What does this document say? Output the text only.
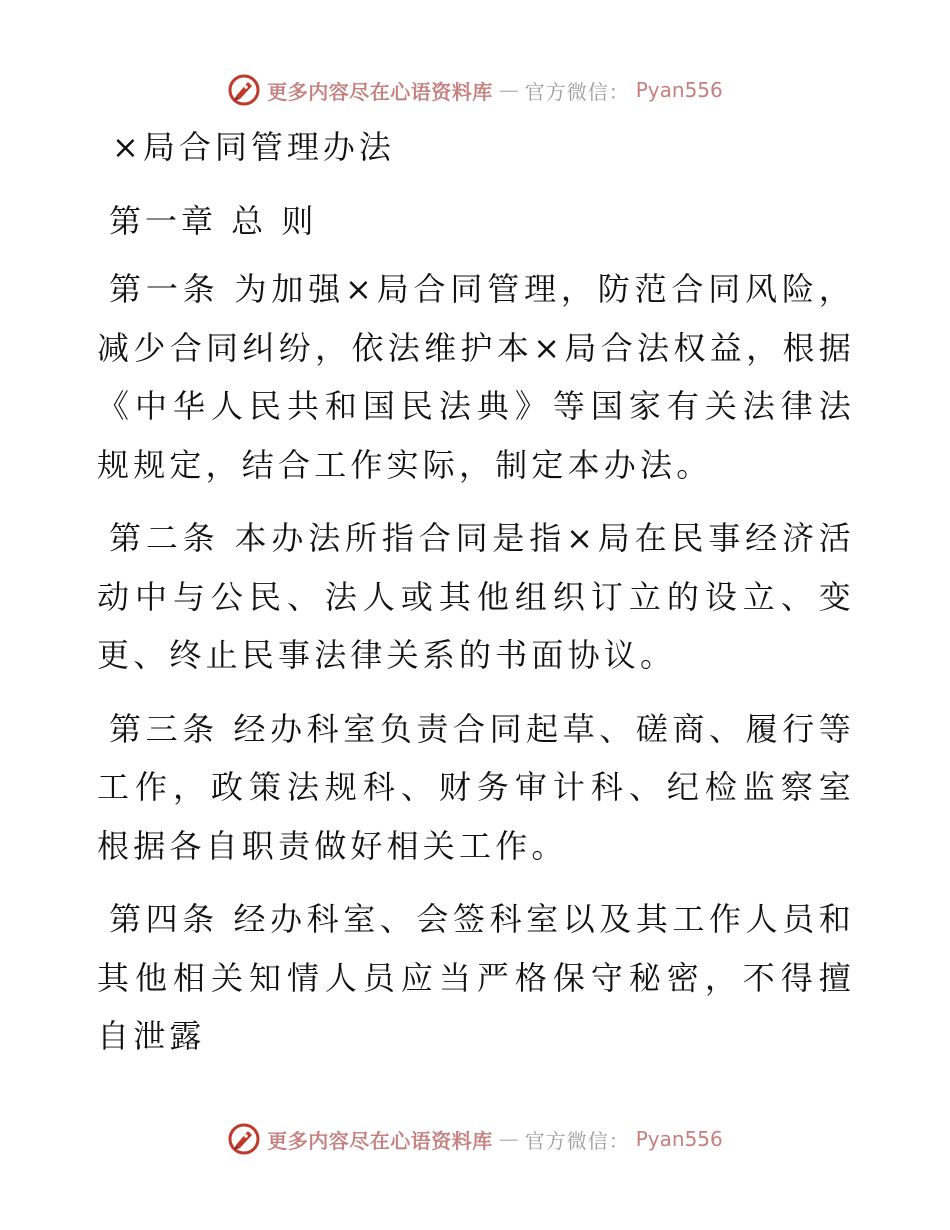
更多内容尽在心语资料库 — 官方微信： Pyan556
×局合同管理办法
第一章 总 则

第一条 为加强×局合同管理，防范合同风险，减少合同纠纷，依法维护本×局合法权益，根据《中华人民共和国民法典》等国家有关法律法规规定，结合工作实际，制定本办法。

第二条 本办法所指合同是指×局在民事经济活动中与公民、法人或其他组织订立的设立、变更、终止民事法律关系的书面协议。

第三条 经办科室负责合同起草、磋商、履行等工作，政策法规科、财务审计科、纪检监察室根据各自职责做好相关工作。

第四条 经办科室、会签科室以及其工作人员和其他相关知情人员应当严格保守秘密，不得擅自泄露

更多内容尽在心语资料库 — 官方微信： Pyan556
